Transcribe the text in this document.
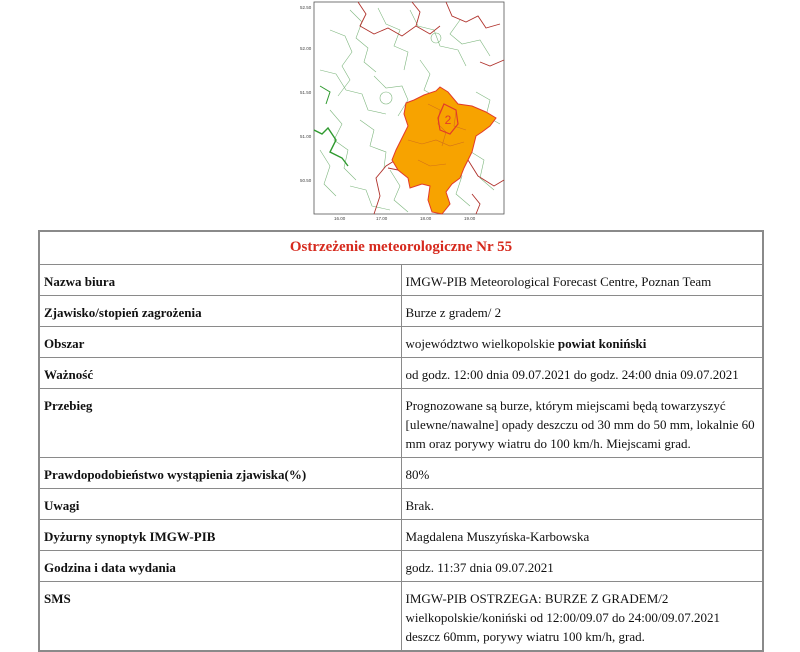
2
52.50
52.00
51.50
51.00
50.50
16.00	17.00	18.00	19.00
Ostrzeżenie meteorologiczne Nr 55	
Nazwa biura	IMGW-PIB Meteorological Forecast Centre, Poznan Team
Zjawisko/stopień zagrożenia	Burze z gradem/ 2
Obszar	województwo wielkopolskie powiat koniński
Ważność	od godz. 12:00 dnia 09.07.2021 do godz. 24:00 dnia 09.07.2021
Przebieg	Prognozowane są burze, którym miejscami będą towarzyszyć [ulewne/nawalne] opady deszczu od 30 mm do 50 mm, lokalnie 60 mm oraz porywy wiatru do 100 km/h. Miejscami grad.
Prawdopodobieństwo wystąpienia zjawiska(%)	80%
Uwagi	Brak.
Dyżurny synoptyk IMGW-PIB	Magdalena Muszyńska-Karbowska
Godzina i data wydania	godz. 11:37 dnia 09.07.2021
SMS	IMGW-PIB OSTRZEGA: BURZE Z GRADEM/2 wielkopolskie/koniński od 12:00/09.07 do 24:00/09.07.2021 deszcz 60mm, porywy wiatru 100 km/h, grad.
